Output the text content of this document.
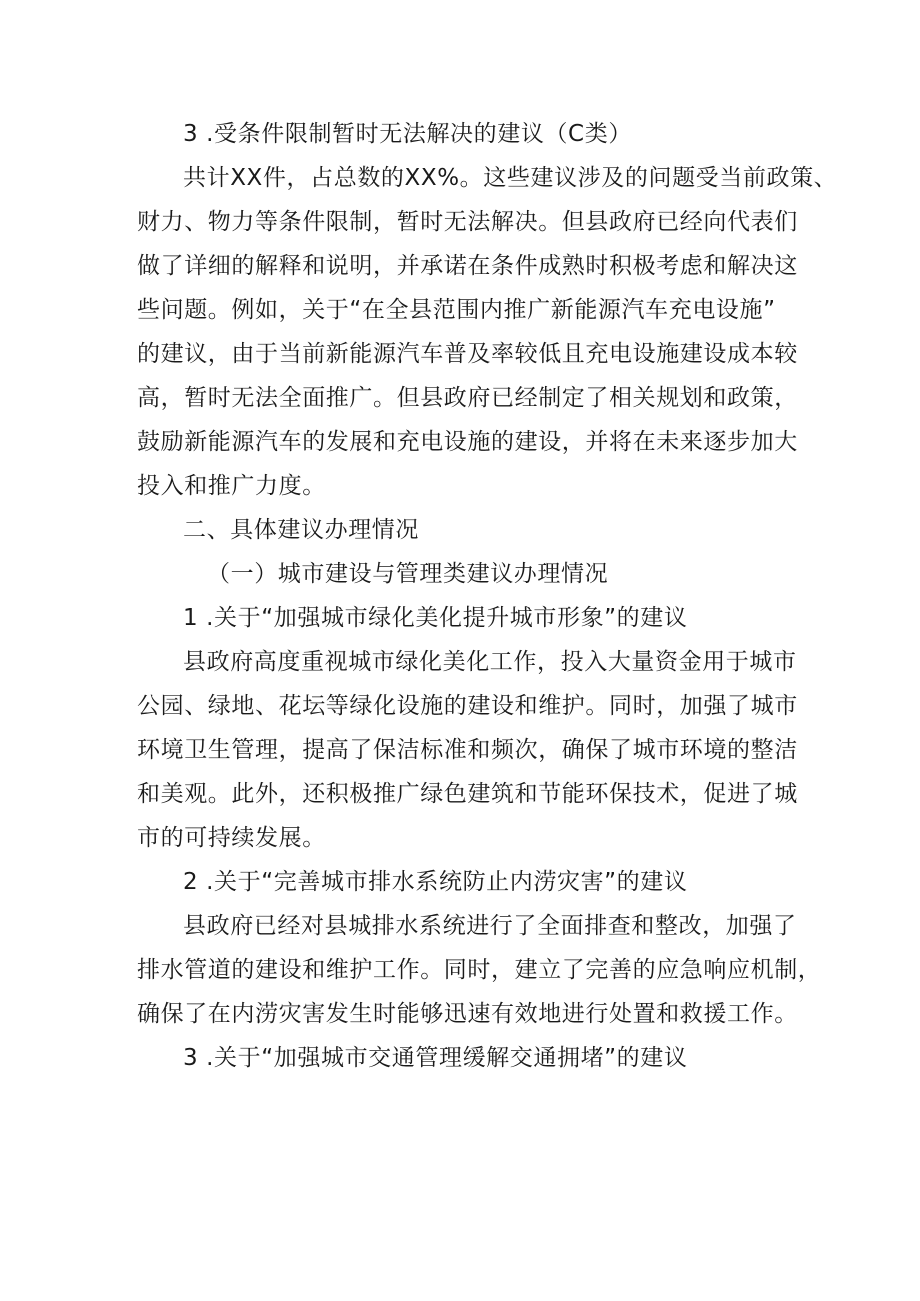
3 .受条件限制暂时无法解决的建议（C类）
共计XX件，占总数的XX%。这些建议涉及的问题受当前政策、
财力、物力等条件限制，暂时无法解决。但县政府已经向代表们
做了详细的解释和说明，并承诺在条件成熟时积极考虑和解决这
些问题。例如，关于“在全县范围内推广新能源汽车充电设施”
的建议，由于当前新能源汽车普及率较低且充电设施建设成本较
高，暂时无法全面推广。但县政府已经制定了相关规划和政策，
鼓励新能源汽车的发展和充电设施的建设，并将在未来逐步加大
投入和推广力度。
二、具体建议办理情况
（一）城市建设与管理类建议办理情况
1 .关于“加强城市绿化美化提升城市形象”的建议
县政府高度重视城市绿化美化工作，投入大量资金用于城市
公园、绿地、花坛等绿化设施的建设和维护。同时，加强了城市
环境卫生管理，提高了保洁标准和频次，确保了城市环境的整洁
和美观。此外，还积极推广绿色建筑和节能环保技术，促进了城
市的可持续发展。
2 .关于“完善城市排水系统防止内涝灾害”的建议
县政府已经对县城排水系统进行了全面排查和整改，加强了
排水管道的建设和维护工作。同时，建立了完善的应急响应机制，
确保了在内涝灾害发生时能够迅速有效地进行处置和救援工作。
3 .关于“加强城市交通管理缓解交通拥堵”的建议
